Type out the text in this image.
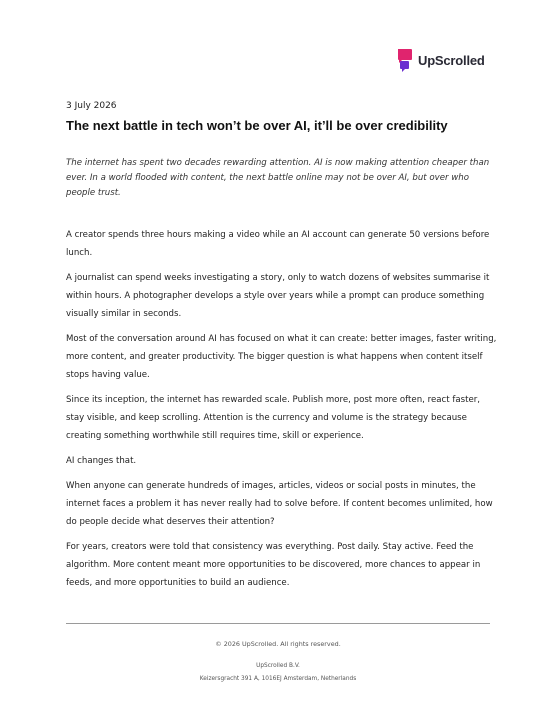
UpScrolled
3 July 2026
The next battle in tech won’t be over AI, it’ll be over credibility

The internet has spent two decades rewarding attention. AI is now making attention cheaper than ever. In a world flooded with content, the next battle online may not be over AI, but over who people trust.

A creator spends three hours making a video while an AI account can generate 50 versions before lunch.

A journalist can spend weeks investigating a story, only to watch dozens of websites summarise it within hours. A photographer develops a style over years while a prompt can produce something visually similar in seconds.

Most of the conversation around AI has focused on what it can create: better images, faster writing, more content, and greater productivity. The bigger question is what happens when content itself stops having value.

Since its inception, the internet has rewarded scale. Publish more, post more often, react faster, stay visible, and keep scrolling. Attention is the currency and volume is the strategy because creating something worthwhile still requires time, skill or experience.

AI changes that.

When anyone can generate hundreds of images, articles, videos or social posts in minutes, the internet faces a problem it has never really had to solve before. If content becomes unlimited, how do people decide what deserves their attention?

For years, creators were told that consistency was everything. Post daily. Stay active. Feed the algorithm. More content meant more opportunities to be discovered, more chances to appear in feeds, and more opportunities to build an audience.

© 2026 UpScrolled. All rights reserved.
UpScrolled B.V.
Keizersgracht 391 A, 1016EJ Amsterdam, Netherlands
